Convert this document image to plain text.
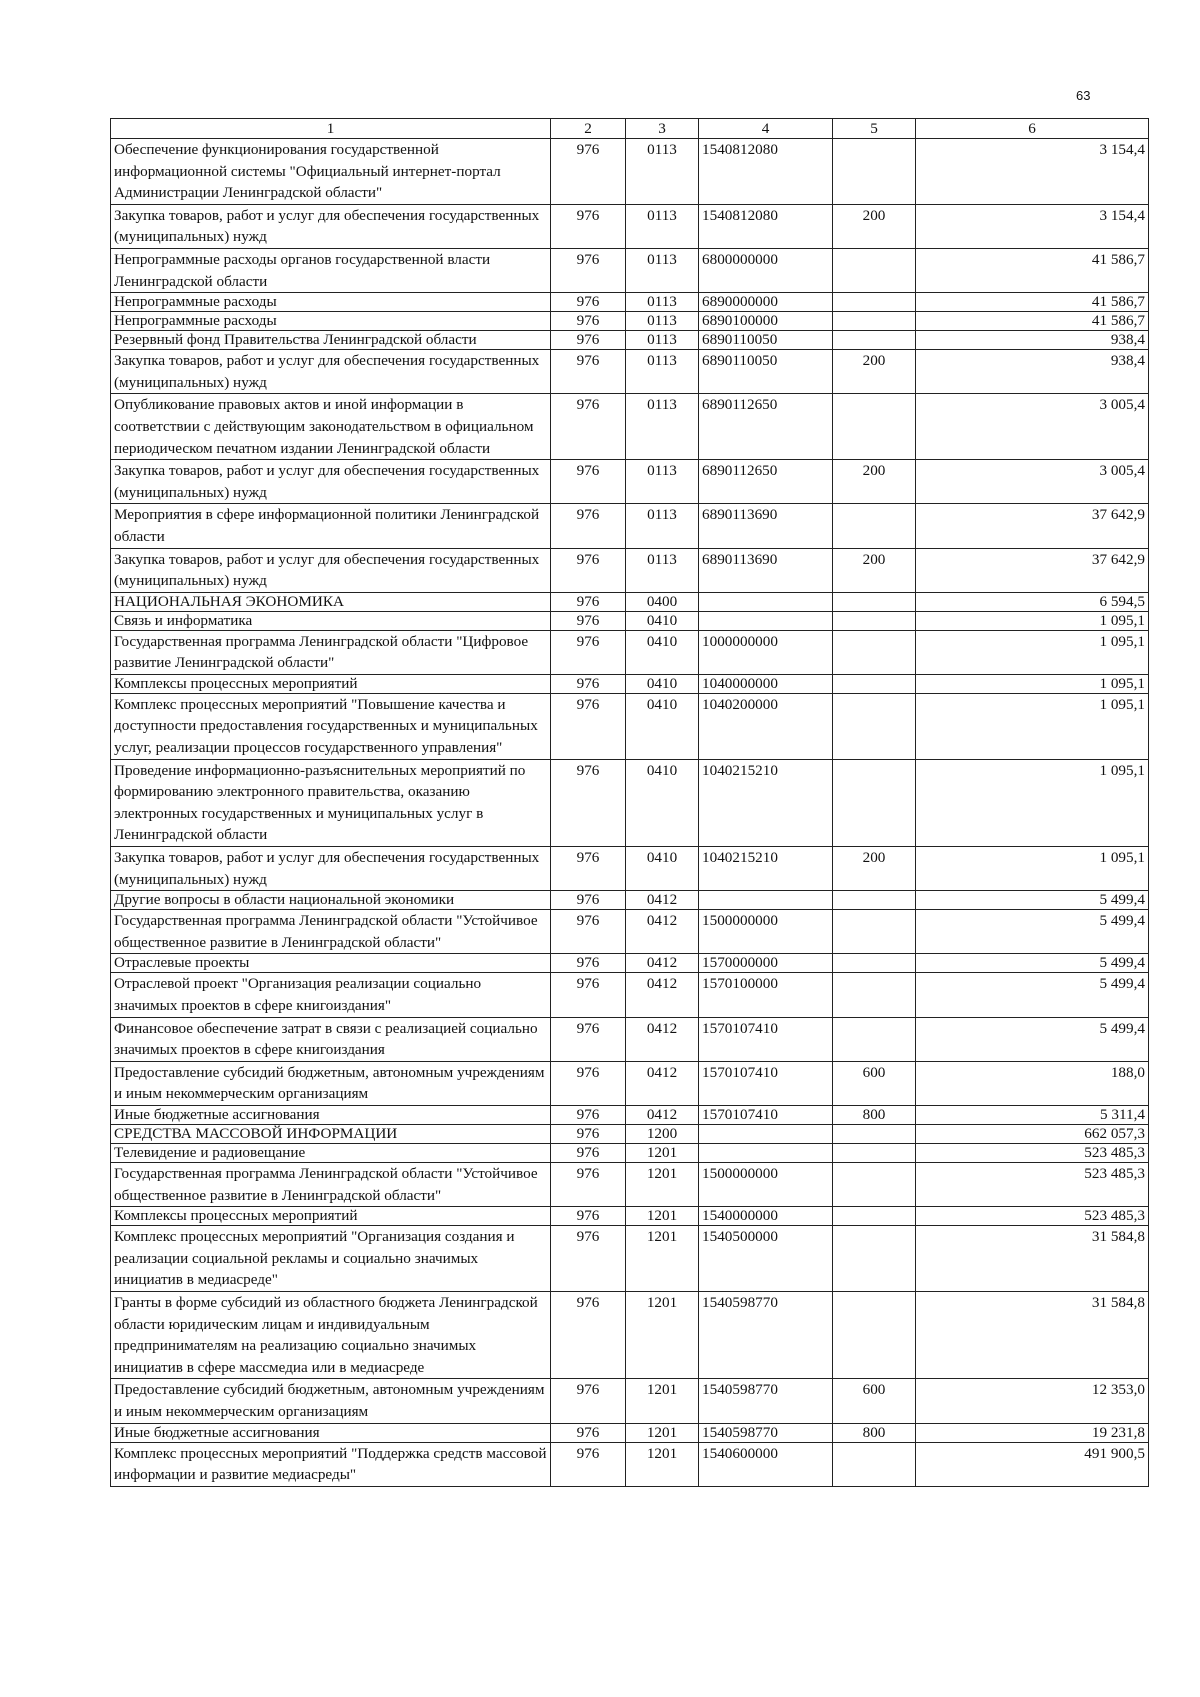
63
1	2	3	4	5	6
Обеспечение функционирования государственной информационной системы "Официальный интернет-портал Администрации Ленинградской области"	976	0113	1540812080		3 154,4
Закупка товаров, работ и услуг для обеспечения государственных (муниципальных) нужд	976	0113	1540812080	200	3 154,4
Непрограммные расходы органов государственной власти Ленинградской области	976	0113	6800000000		41 586,7
Непрограммные расходы	976	0113	6890000000		41 586,7
Непрограммные расходы	976	0113	6890100000		41 586,7
Резервный фонд Правительства Ленинградской области	976	0113	6890110050		938,4
Закупка товаров, работ и услуг для обеспечения государственных (муниципальных) нужд	976	0113	6890110050	200	938,4
Опубликование правовых актов и иной информации в соответствии с действующим законодательством в официальном периодическом печатном издании Ленинградской области	976	0113	6890112650		3 005,4
Закупка товаров, работ и услуг для обеспечения государственных (муниципальных) нужд	976	0113	6890112650	200	3 005,4
Мероприятия в сфере информационной политики Ленинградской области	976	0113	6890113690		37 642,9
Закупка товаров, работ и услуг для обеспечения государственных (муниципальных) нужд	976	0113	6890113690	200	37 642,9
НАЦИОНАЛЬНАЯ ЭКОНОМИКА	976	0400			6 594,5
Связь и информатика	976	0410			1 095,1
Государственная программа Ленинградской области "Цифровое развитие Ленинградской области"	976	0410	1000000000		1 095,1
Комплексы процессных мероприятий	976	0410	1040000000		1 095,1
Комплекс процессных мероприятий "Повышение качества и доступности предоставления государственных и муниципальных услуг, реализации процессов государственного управления"	976	0410	1040200000		1 095,1
Проведение информационно-разъяснительных мероприятий по формированию электронного правительства, оказанию электронных государственных и муниципальных услуг в Ленинградской области	976	0410	1040215210		1 095,1
Закупка товаров, работ и услуг для обеспечения государственных (муниципальных) нужд	976	0410	1040215210	200	1 095,1
Другие вопросы в области национальной экономики	976	0412			5 499,4
Государственная программа Ленинградской области "Устойчивое общественное развитие в Ленинградской области"	976	0412	1500000000		5 499,4
Отраслевые проекты	976	0412	1570000000		5 499,4
Отраслевой проект "Организация реализации социально значимых проектов в сфере книгоиздания"	976	0412	1570100000		5 499,4
Финансовое обеспечение затрат в связи с реализацией социально значимых проектов в сфере книгоиздания	976	0412	1570107410		5 499,4
Предоставление субсидий бюджетным, автономным учреждениям и иным некоммерческим организациям	976	0412	1570107410	600	188,0
Иные бюджетные ассигнования	976	0412	1570107410	800	5 311,4
СРЕДСТВА МАССОВОЙ ИНФОРМАЦИИ	976	1200			662 057,3
Телевидение и радиовещание	976	1201			523 485,3
Государственная программа Ленинградской области "Устойчивое общественное развитие в Ленинградской области"	976	1201	1500000000		523 485,3
Комплексы процессных мероприятий	976	1201	1540000000		523 485,3
Комплекс процессных мероприятий "Организация создания и реализации социальной рекламы и социально значимых инициатив в медиасреде"	976	1201	1540500000		31 584,8
Гранты в форме субсидий из областного бюджета Ленинградской области юридическим лицам и индивидуальным предпринимателям на реализацию социально значимых инициатив в сфере массмедиа или в медиасреде	976	1201	1540598770		31 584,8
Предоставление субсидий бюджетным, автономным учреждениям и иным некоммерческим организациям	976	1201	1540598770	600	12 353,0
Иные бюджетные ассигнования	976	1201	1540598770	800	19 231,8
Комплекс процессных мероприятий "Поддержка средств массовой информации и развитие медиасреды"	976	1201	1540600000		491 900,5
